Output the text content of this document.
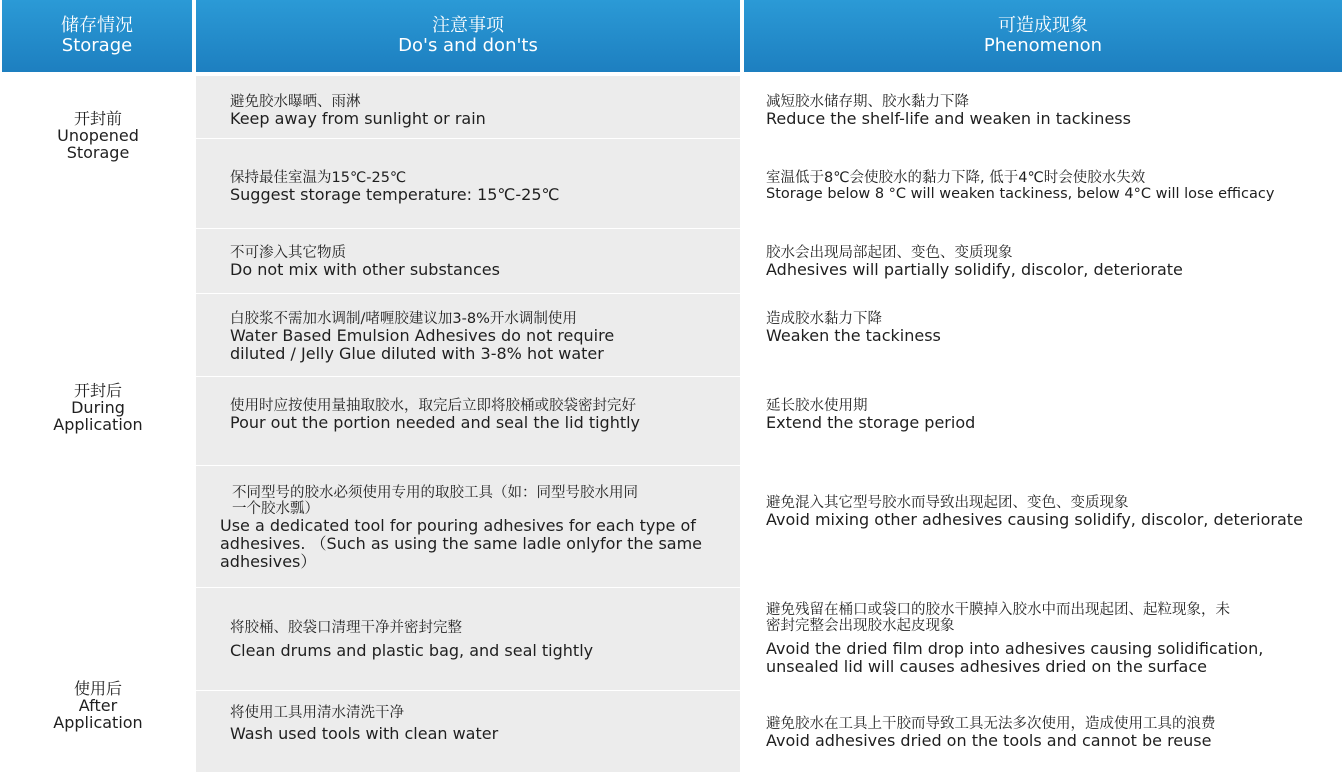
储存情况
Storage
注意事项
Do's and don'ts
可造成现象
Phenomenon
开封前
Unopened
Storage
开封后
During
Application
使用后
After
Application
避免胶水曝晒、雨淋
Keep away from sunlight or rain
减短胶水储存期、胶水黏力下降
Reduce the shelf-life and weaken in tackiness
保持最佳室温为15℃-25℃
Suggest storage temperature: 15℃-25℃
室温低于8℃会使胶水的黏力下降, 低于4℃时会使胶水失效
Storage below 8 °C will weaken tackiness, below 4°C will lose efficacy
不可渗入其它物质
Do not mix with other substances
胶水会出现局部起团、变色、变质现象
Adhesives will partially solidify, discolor, deteriorate
白胶浆不需加水调制/啫喱胶建议加3-8%开水调制使用
Water Based Emulsion Adhesives do not require
diluted / Jelly Glue diluted with 3-8% hot water
造成胶水黏力下降
Weaken the tackiness
使用时应按使用量抽取胶水，取完后立即将胶桶或胶袋密封完好
Pour out the portion needed and seal the lid tightly
延长胶水使用期
Extend the storage period
不同型号的胶水必须使用专用的取胶工具（如：同型号胶水用同
一个胶水瓢）
Use a dedicated tool for pouring adhesives for each type of
adhesives. （Such as using the same ladle onlyfor the same
adhesives）
避免混入其它型号胶水而导致出现起团、变色、变质现象
Avoid mixing other adhesives causing solidify, discolor, deteriorate
将胶桶、胶袋口清理干净并密封完整
Clean drums and plastic bag, and seal tightly
避免残留在桶口或袋口的胶水干膜掉入胶水中而出现起团、起粒现象，未
密封完整会出现胶水起皮现象
Avoid the dried film drop into adhesives causing solidification,
unsealed lid will causes adhesives dried on the surface
将使用工具用清水清洗干净
Wash used tools with clean water	避免胶水在工具上干胶而导致工具无法多次使用，造成使用工具的浪费
Avoid adhesives dried on the tools and cannot be reuse
